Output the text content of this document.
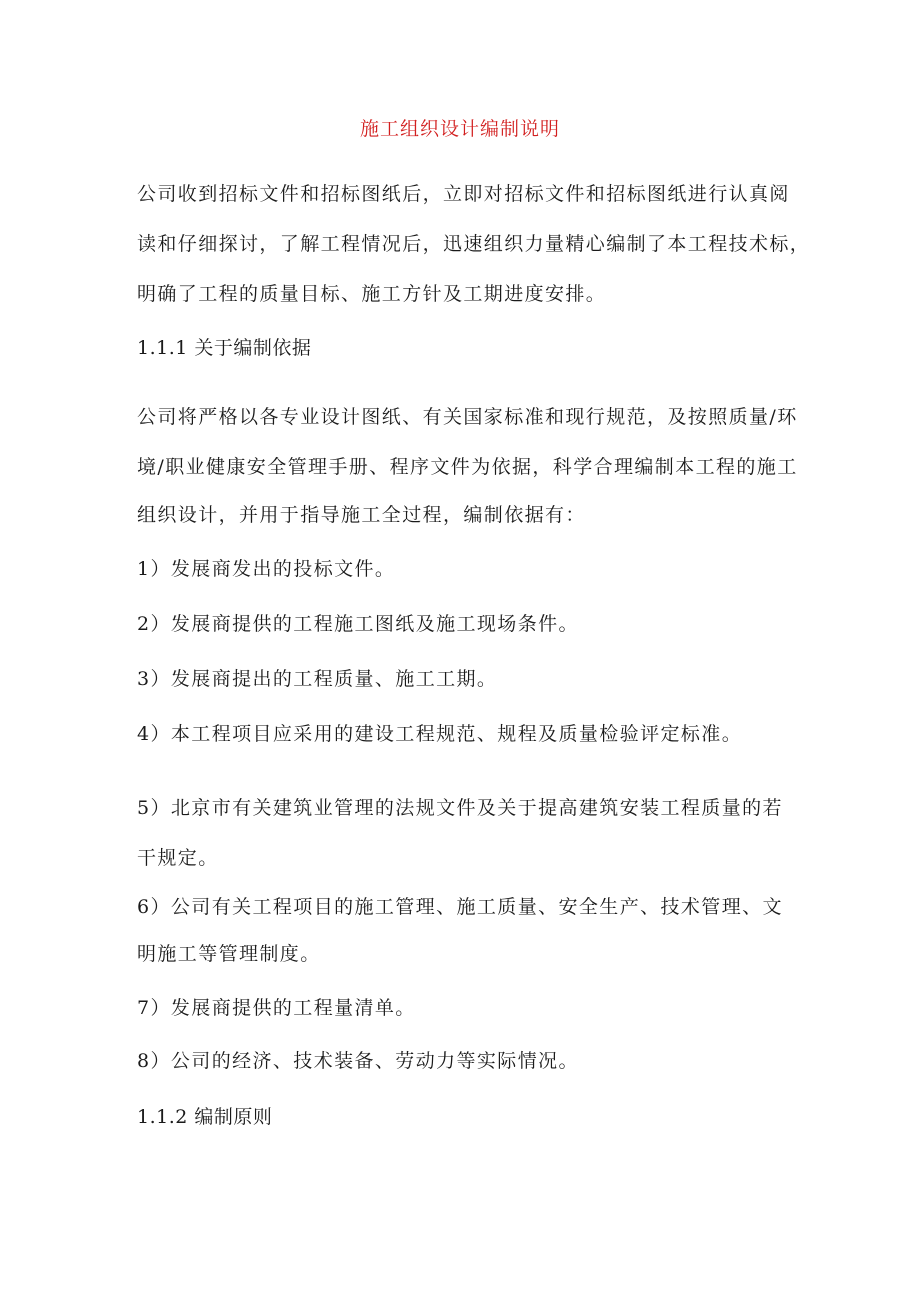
施工组织设计编制说明
公司收到招标文件和招标图纸后，立即对招标文件和招标图纸进行认真阅
读和仔细探讨，了解工程情况后，迅速组织力量精心编制了本工程技术标，
明确了工程的质量目标、施工方针及工期进度安排。
1.1.1 关于编制依据
公司将严格以各专业设计图纸、有关国家标准和现行规范，及按照质量/环
境/职业健康安全管理手册、程序文件为依据，科学合理编制本工程的施工
组织设计，并用于指导施工全过程，编制依据有：
1）发展商发出的投标文件。
2）发展商提供的工程施工图纸及施工现场条件。
3）发展商提出的工程质量、施工工期。
4）本工程项目应采用的建设工程规范、规程及质量检验评定标准。
5）北京市有关建筑业管理的法规文件及关于提高建筑安装工程质量的若
干规定。
6）公司有关工程项目的施工管理、施工质量、安全生产、技术管理、文
明施工等管理制度。
7）发展商提供的工程量清单。
8）公司的经济、技术装备、劳动力等实际情况。
1.1.2 编制原则
